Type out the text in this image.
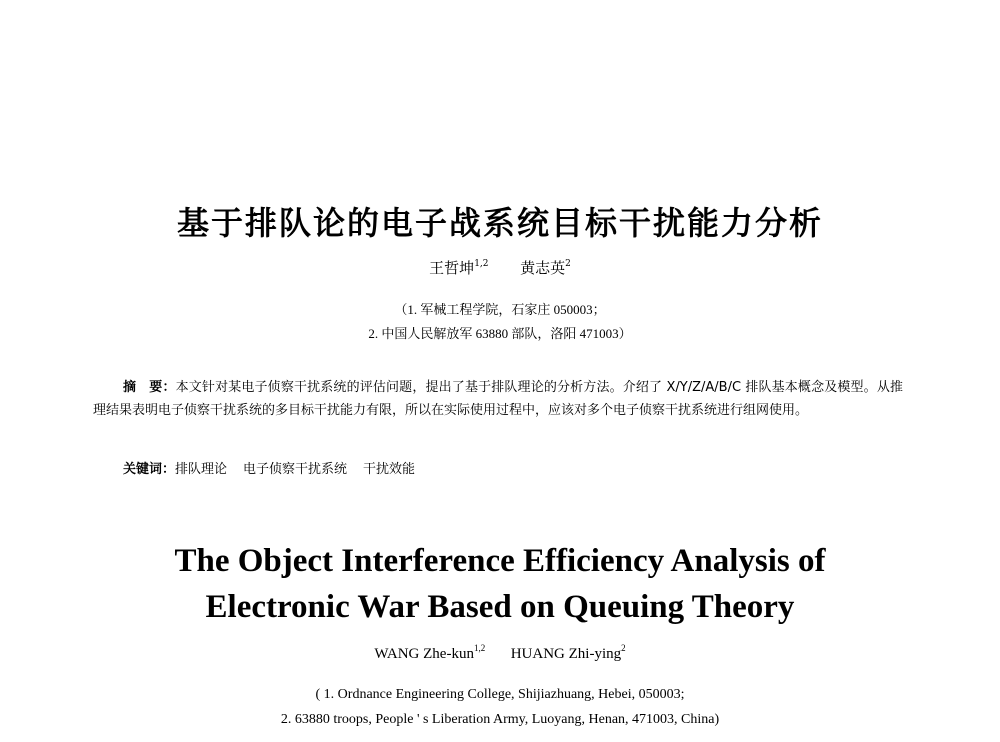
基于排队论的电子战系统目标干扰能力分析
王哲坤$^{1,2}$ 黄志英$^2$
（1. 军械工程学院，石家庄 050003；
2. 中国人民解放军 63880 部队，洛阳 471003）

摘　要：本文针对某电子侦察干扰系统的评估问题，提出了基于排队理论的分析方法。介绍了 X/Y/Z/A/B/C 排队基本概念及模型。从推理结果表明电子侦察干扰系统的多目标干扰能力有限，所以在实际使用过程中，应该对多个电子侦察干扰系统进行组网使用。

关键词：排队理论 电子侦察干扰系统 干扰效能
The Object Interference Efficiency Analysis of
Electronic War Based on Queuing Theory
WANG Zhe-kun$^{1,2}$ HUANG Zhi-ying$^2$
( 1. Ordnance Engineering College, Shijiazhuang, Hebei, 050003;
2. 63880 troops, People ' s Liberation Army, Luoyang, Henan, 471003, China)
